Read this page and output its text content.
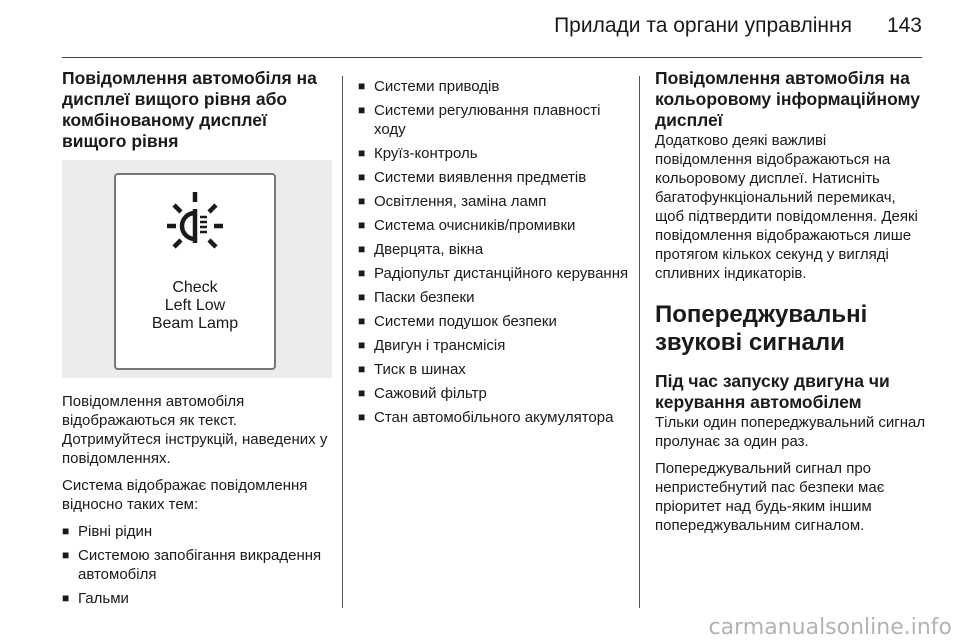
Прилади та органи управління 143
Повідомлення автомобіля на дисплеї вищого рівня або комбінованому дисплеї вищого рівня
Check
Left Low
Beam Lamp

Повідомлення автомобіля відображаються як текст. Дотримуйтеся інструкцій, наведених у повідомленнях.

Система відображає повідомлення відносно таких тем:

■ Рівні рідин
■ Системою запобігання викрадення автомобіля
■ Гальми
■ Системи приводів
■ Системи регулювання плавності ходу
■ Круїз-контроль
■ Системи виявлення предметів
■ Освітлення, заміна ламп
■ Система очисників/промивки
■ Дверцята, вікна
■ Радіопульт дистанційного керування
■ Паски безпеки
■ Системи подушок безпеки
■ Двигун і трансмісія
■ Тиск в шинах
■ Сажовий фільтр
■ Стан автомобільного акумулятора
Повідомлення автомобіля на кольоровому інформаційному дисплеї

Додатково деякі важливі повідомлення відображаються на кольоровому дисплеї. Натисніть багатофункціональний перемикач, щоб підтвердити повідомлення. Деякі повідомлення відображаються лише протягом кількох секунд у вигляді спливних індикаторів.

Попереджувальні звукові сигнали
Під час запуску двигуна чи керування автомобілем

Тільки один попереджувальний сигнал пролунає за один раз.

Попереджувальний сигнал про непристебнутий пас безпеки має пріоритет над будь-яким іншим попереджувальним сигналом.

carmanualsonline.info
